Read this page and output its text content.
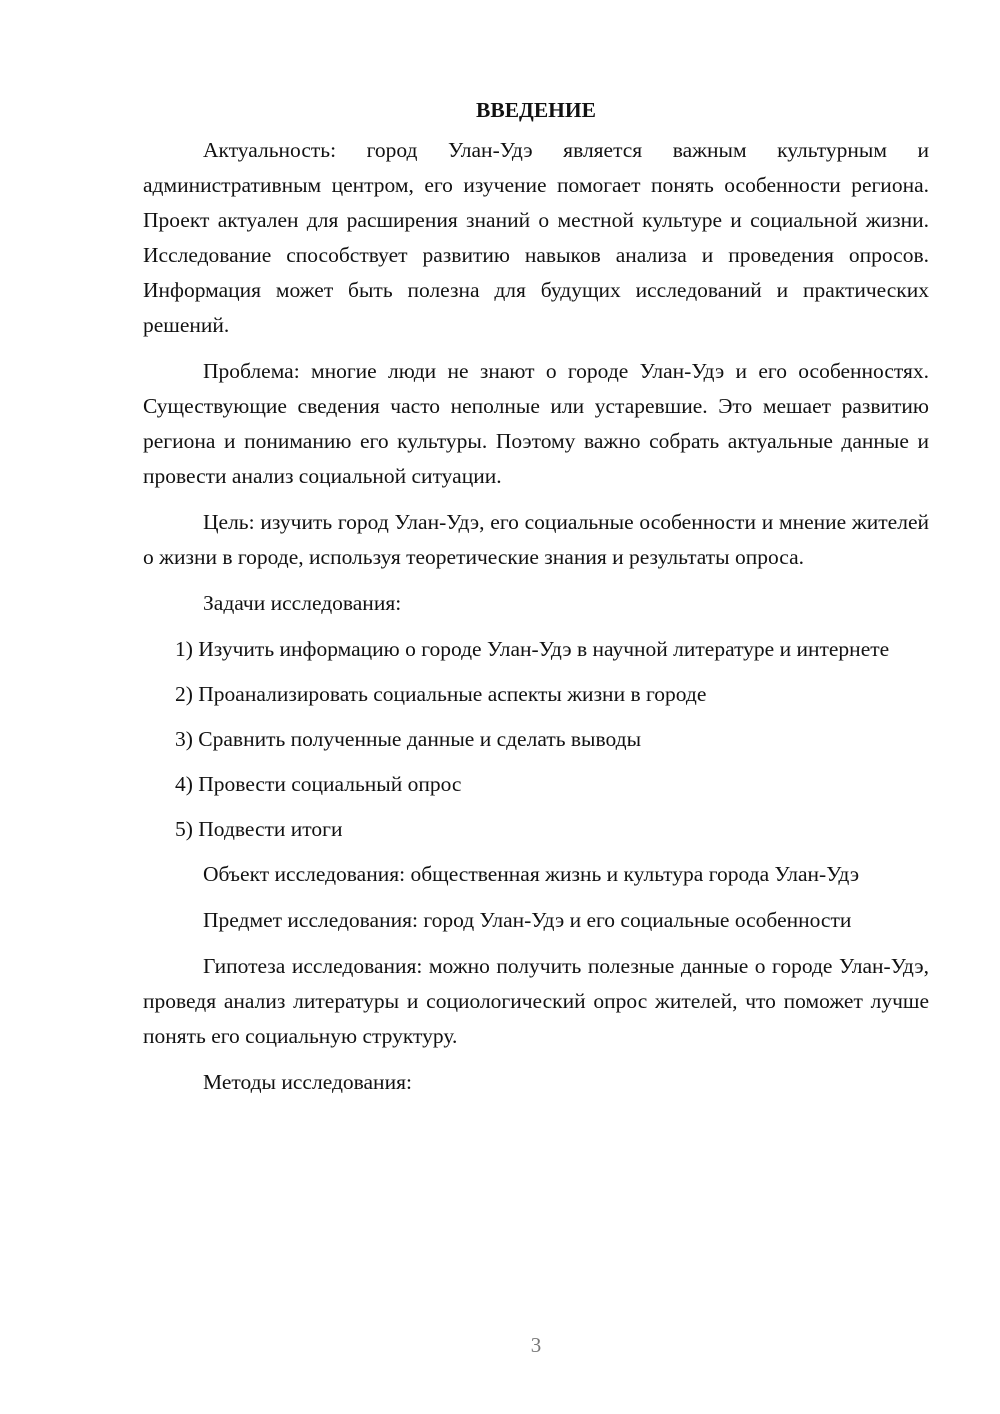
ВВЕДЕНИЕ

Актуальность: город Улан-Удэ является важным культурным и административным центром, его изучение помогает понять особенности региона. Проект актуален для расширения знаний о местной культуре и социальной жизни. Исследование способствует развитию навыков анализа и проведения опросов. Информация может быть полезна для будущих исследований и практических решений.

Проблема: многие люди не знают о городе Улан-Удэ и его особенностях. Существующие сведения часто неполные или устаревшие. Это мешает развитию региона и пониманию его культуры. Поэтому важно собрать актуальные данные и провести анализ социальной ситуации.

Цель: изучить город Улан-Удэ, его социальные особенности и мнение жителей о жизни в городе, используя теоретические знания и результаты опроса.

Задачи исследования:

1) Изучить информацию о городе Улан-Удэ в научной литературе и интернете

2) Проанализировать социальные аспекты жизни в городе

3) Сравнить полученные данные и сделать выводы

4) Провести социальный опрос

5) Подвести итоги

Объект исследования: общественная жизнь и культура города Улан-Удэ

Предмет исследования: город Улан-Удэ и его социальные особенности

Гипотеза исследования: можно получить полезные данные о городе Улан-Удэ, проведя анализ литературы и социологический опрос жителей, что поможет лучше понять его социальную структуру.

Методы исследования:

3
